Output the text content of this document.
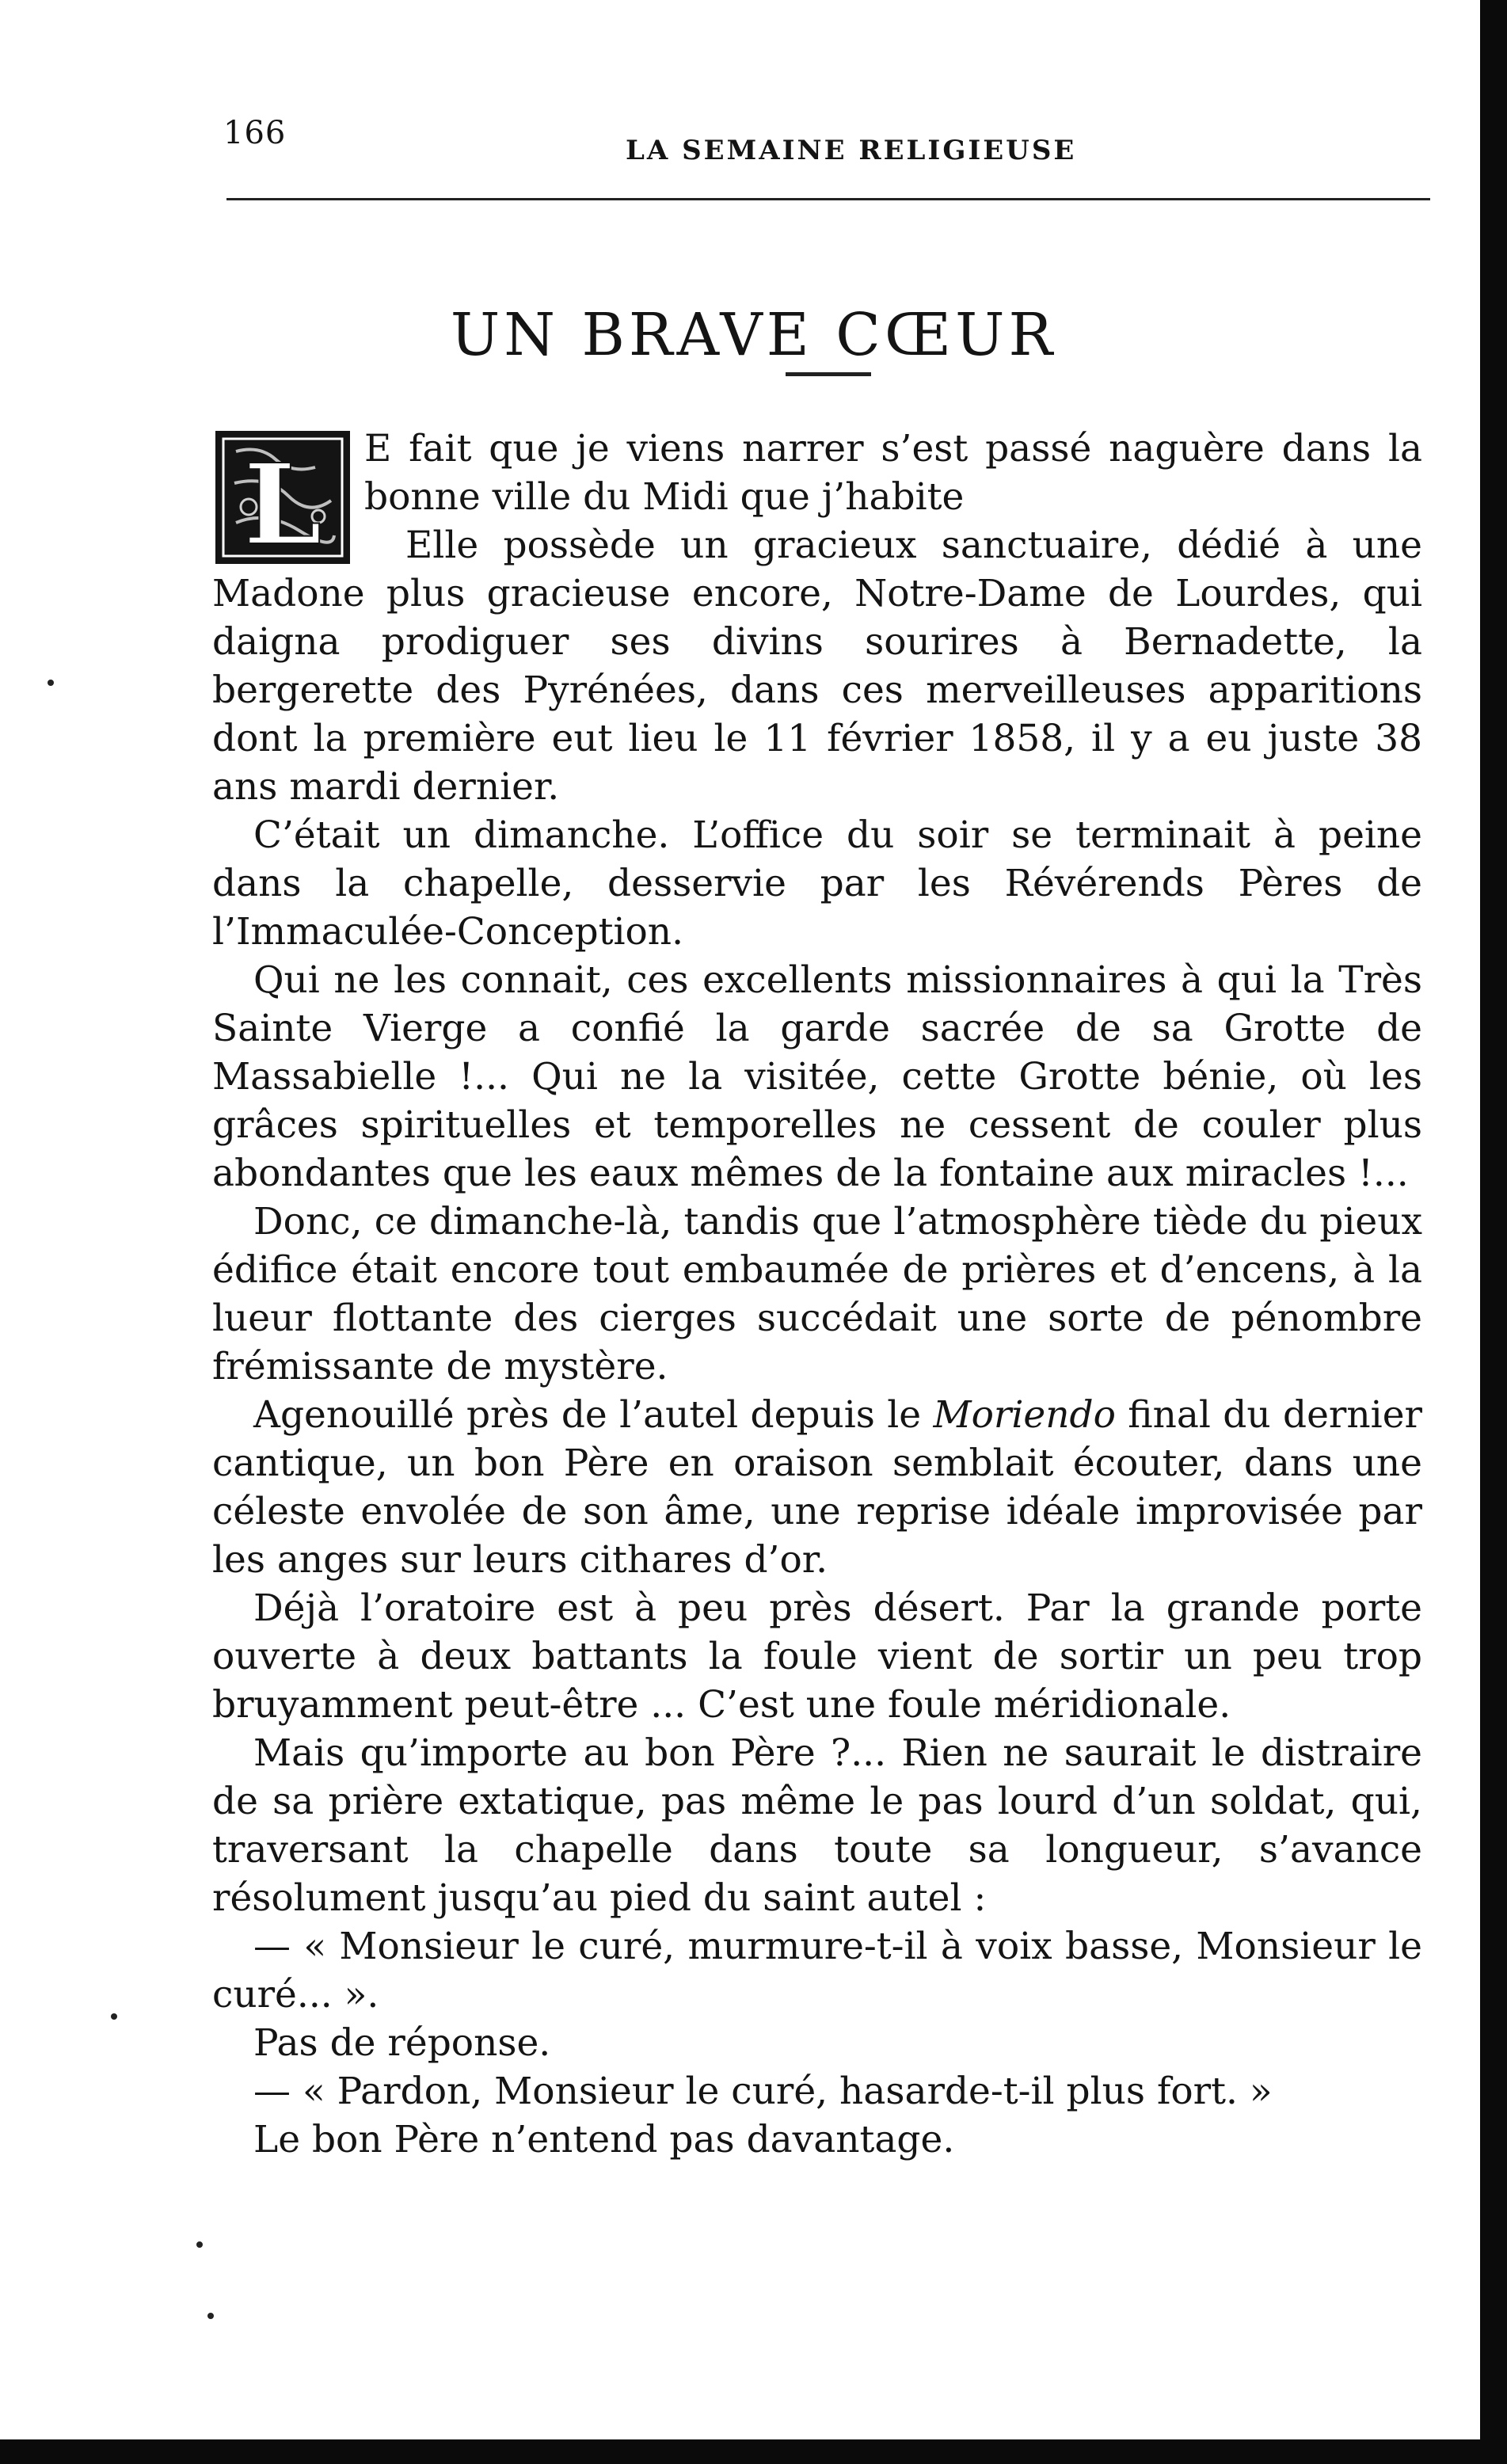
166	LA SEMAINE RELIGIEUSE
UN BRAVE CŒUR

L E fait que je viens narrer s’est passé naguère dans la bonne ville du Midi que j’habite

Elle possède un gracieux sanctuaire, dédié à une Madone plus gracieuse encore, Notre-Dame de Lourdes, qui daigna prodiguer ses divins sourires à Bernadette, la bergerette des Pyrénées, dans ces merveilleuses apparitions dont la première eut lieu le 11 février 1858, il y a eu juste 38 ans mardi dernier.

C’était un dimanche. L’office du soir se terminait à peine dans la chapelle, desservie par les Révérends Pères de l’Immaculée-Conception.

Qui ne les connait, ces excellents missionnaires à qui la Très Sainte Vierge a confié la garde sacrée de sa Grotte de Massabielle !... Qui ne la visitée, cette Grotte bénie, où les grâces spirituelles et temporelles ne cessent de couler plus abondantes que les eaux mêmes de la fontaine aux miracles !...

Donc, ce dimanche-là, tandis que l’atmosphère tiède du pieux édifice était encore tout embaumée de prières et d’encens, à la lueur flottante des cierges succédait une sorte de pénombre frémissante de mystère.

Agenouillé près de l’autel depuis le Moriendo final du dernier cantique, un bon Père en oraison semblait écouter, dans une céleste envolée de son âme, une reprise idéale improvisée par les anges sur leurs cithares d’or.

Déjà l’oratoire est à peu près désert. Par la grande porte ouverte à deux battants la foule vient de sortir un peu trop bruyamment peut-être ... C’est une foule méridionale.

Mais qu’importe au bon Père ?... Rien ne saurait le distraire de sa prière extatique, pas même le pas lourd d’un soldat, qui, traversant la chapelle dans toute sa longueur, s’avance résolument jusqu’au pied du saint autel :

— « Monsieur le curé, murmure-t-il à voix basse, Monsieur le curé... ».

Pas de réponse.

— « Pardon, Monsieur le curé, hasarde-t-il plus fort. »

Le bon Père n’entend pas davantage.
